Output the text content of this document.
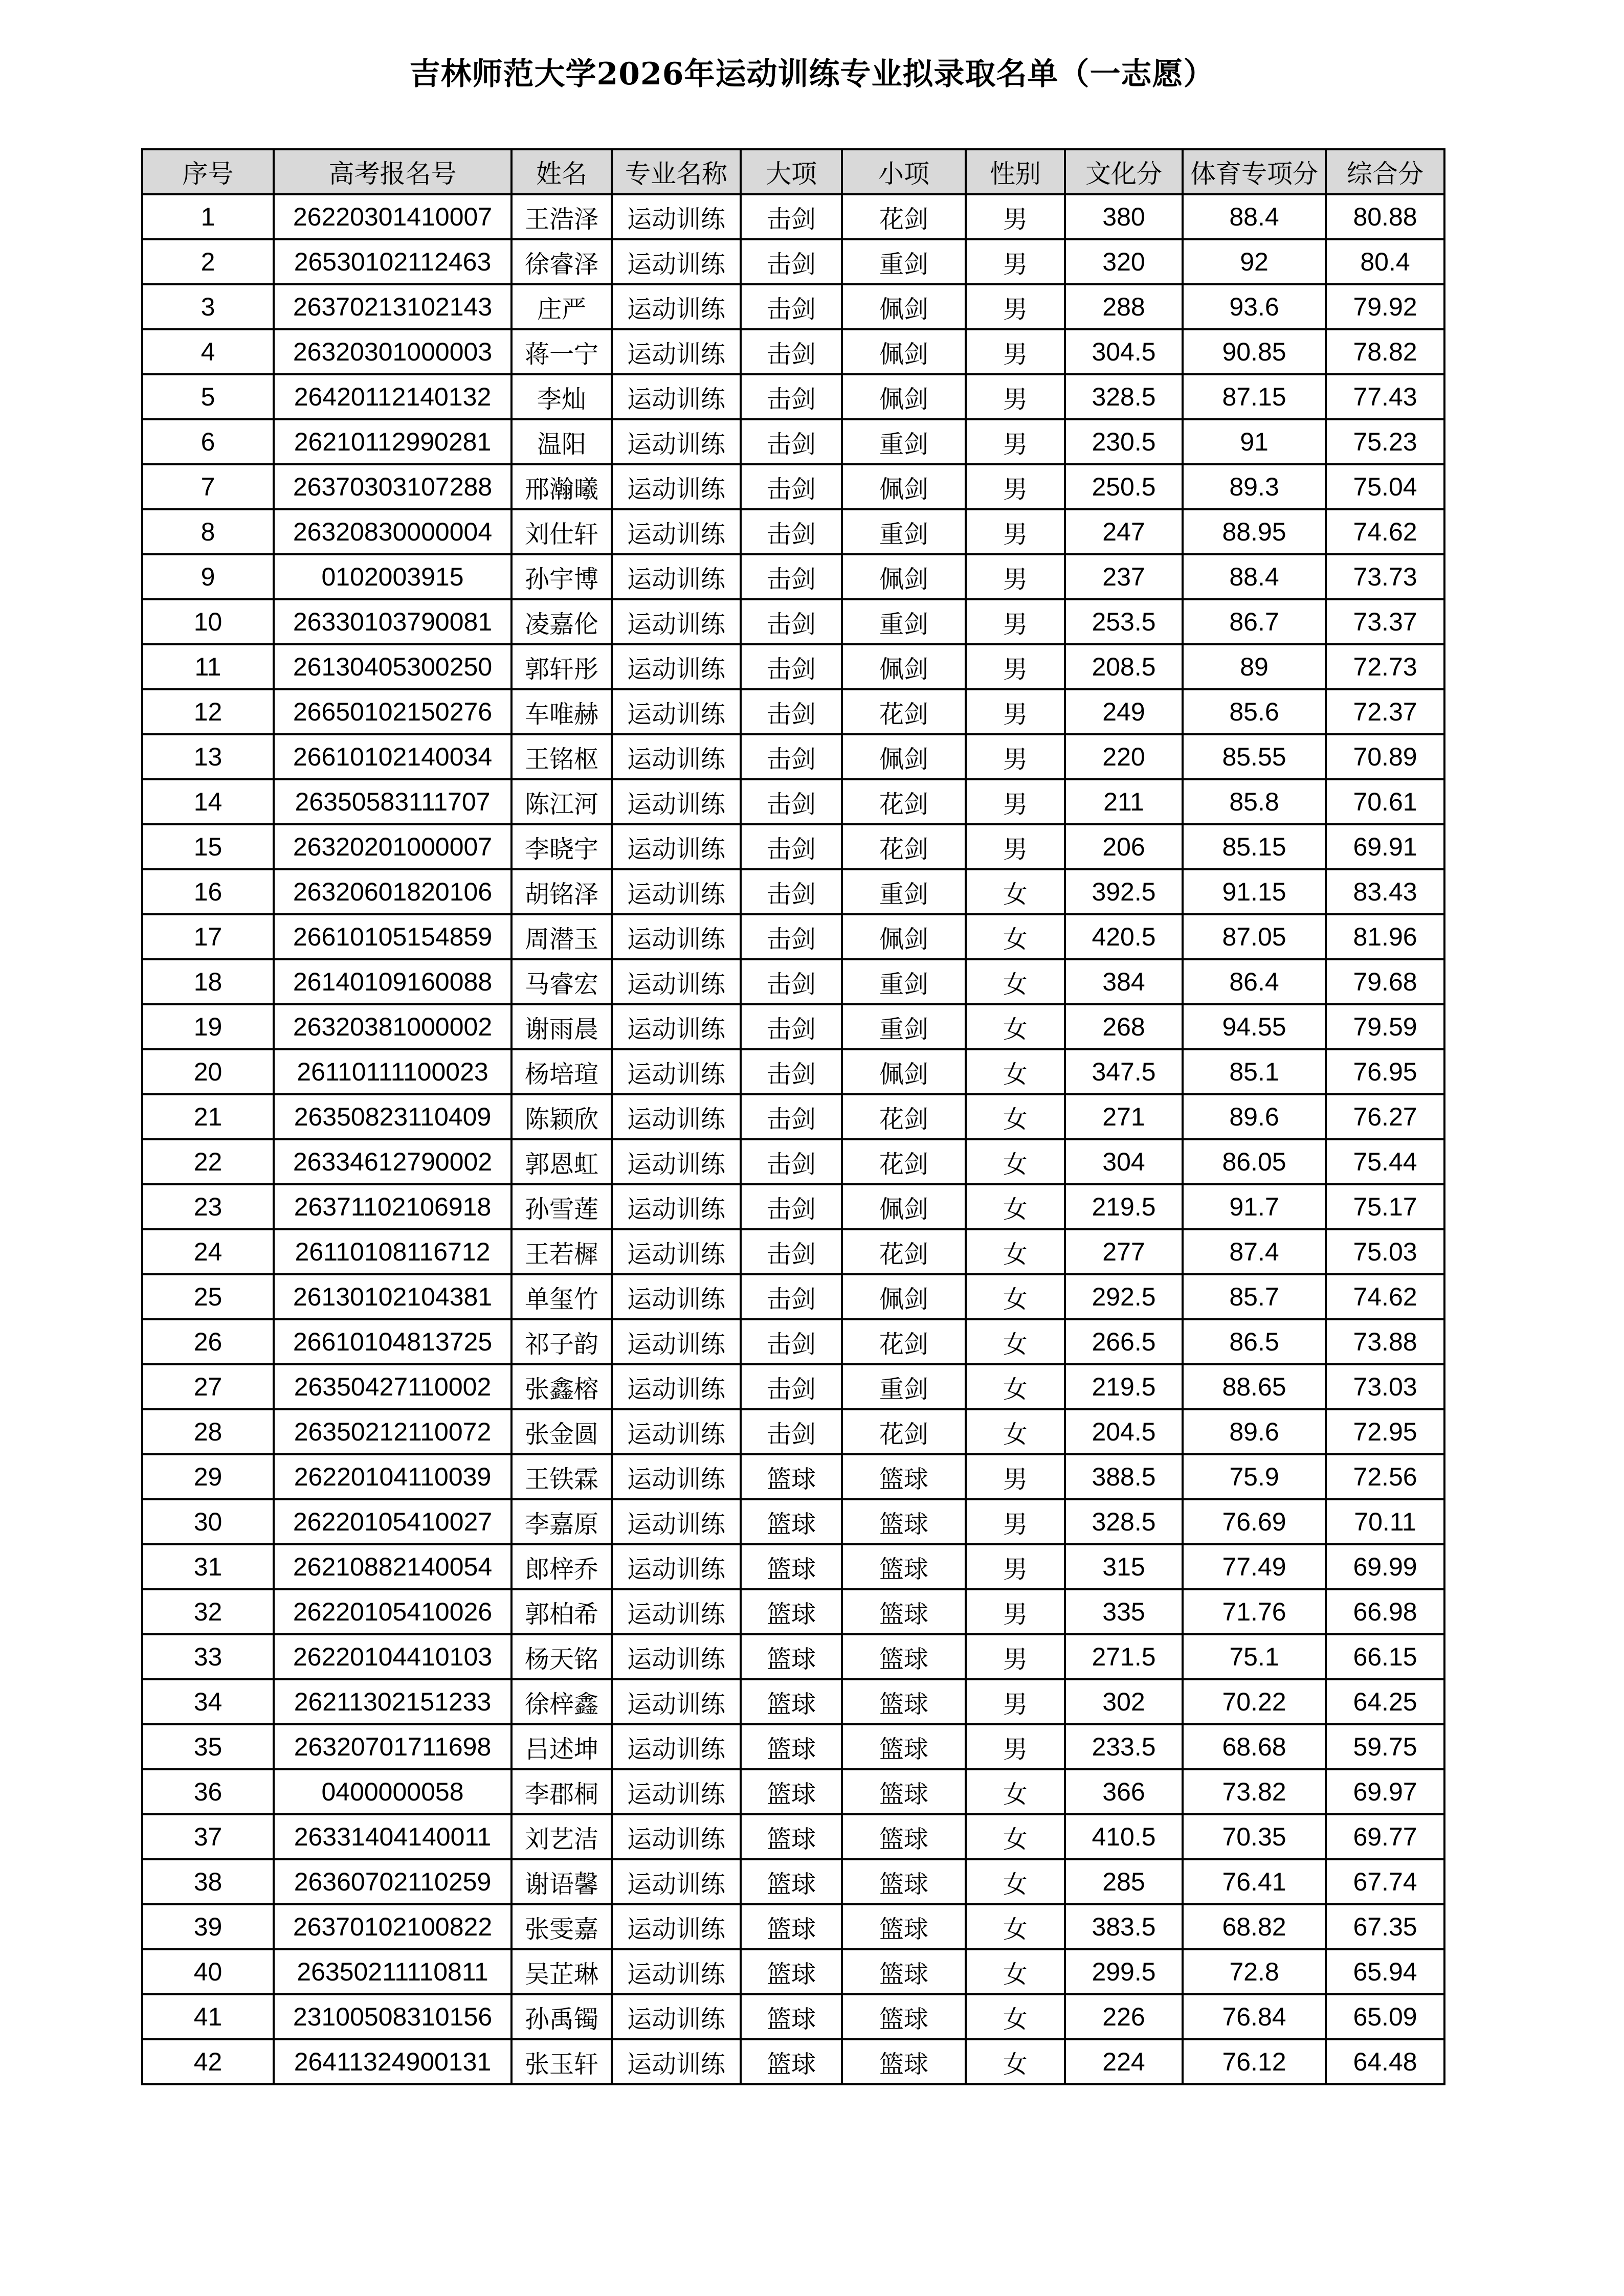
吉林师范大学2026年运动训练专业拟录取名单（一志愿）
序号	高考报名号	姓名	专业名称	大项	小项	性别	文化分	体育专项分	综合分
1	26220301410007	王浩泽	运动训练	击剑	花剑	男	380	88.4	80.88
2	26530102112463	徐睿泽	运动训练	击剑	重剑	男	320	92	80.4
3	26370213102143	庄严	运动训练	击剑	佩剑	男	288	93.6	79.92
4	26320301000003	蒋一宁	运动训练	击剑	佩剑	男	304.5	90.85	78.82
5	26420112140132	李灿	运动训练	击剑	佩剑	男	328.5	87.15	77.43
6	26210112990281	温阳	运动训练	击剑	重剑	男	230.5	91	75.23
7	26370303107288	邢瀚曦	运动训练	击剑	佩剑	男	250.5	89.3	75.04
8	26320830000004	刘仕轩	运动训练	击剑	重剑	男	247	88.95	74.62
9	0102003915	孙宇博	运动训练	击剑	佩剑	男	237	88.4	73.73
10	26330103790081	凌嘉伦	运动训练	击剑	重剑	男	253.5	86.7	73.37
11	26130405300250	郭轩彤	运动训练	击剑	佩剑	男	208.5	89	72.73
12	26650102150276	车唯赫	运动训练	击剑	花剑	男	249	85.6	72.37
13	26610102140034	王铭枢	运动训练	击剑	佩剑	男	220	85.55	70.89
14	26350583111707	陈江河	运动训练	击剑	花剑	男	211	85.8	70.61
15	26320201000007	李晓宇	运动训练	击剑	花剑	男	206	85.15	69.91
16	26320601820106	胡铭泽	运动训练	击剑	重剑	女	392.5	91.15	83.43
17	26610105154859	周潜玉	运动训练	击剑	佩剑	女	420.5	87.05	81.96
18	26140109160088	马睿宏	运动训练	击剑	重剑	女	384	86.4	79.68
19	26320381000002	谢雨晨	运动训练	击剑	重剑	女	268	94.55	79.59
20	26110111100023	杨培瑄	运动训练	击剑	佩剑	女	347.5	85.1	76.95
21	26350823110409	陈颖欣	运动训练	击剑	花剑	女	271	89.6	76.27
22	26334612790002	郭恩虹	运动训练	击剑	花剑	女	304	86.05	75.44
23	26371102106918	孙雪莲	运动训练	击剑	佩剑	女	219.5	91.7	75.17
24	26110108116712	王若樨	运动训练	击剑	花剑	女	277	87.4	75.03
25	26130102104381	单玺竹	运动训练	击剑	佩剑	女	292.5	85.7	74.62
26	26610104813725	祁子韵	运动训练	击剑	花剑	女	266.5	86.5	73.88
27	26350427110002	张鑫榕	运动训练	击剑	重剑	女	219.5	88.65	73.03
28	26350212110072	张金圆	运动训练	击剑	花剑	女	204.5	89.6	72.95
29	26220104110039	王铁霖	运动训练	篮球	篮球	男	388.5	75.9	72.56
30	26220105410027	李嘉原	运动训练	篮球	篮球	男	328.5	76.69	70.11
31	26210882140054	郎梓乔	运动训练	篮球	篮球	男	315	77.49	69.99
32	26220105410026	郭柏希	运动训练	篮球	篮球	男	335	71.76	66.98
33	26220104410103	杨天铭	运动训练	篮球	篮球	男	271.5	75.1	66.15
34	26211302151233	徐梓鑫	运动训练	篮球	篮球	男	302	70.22	64.25
35	26320701711698	吕述坤	运动训练	篮球	篮球	男	233.5	68.68	59.75
36	0400000058	李郡桐	运动训练	篮球	篮球	女	366	73.82	69.97
37	26331404140011	刘艺洁	运动训练	篮球	篮球	女	410.5	70.35	69.77
38	26360702110259	谢语馨	运动训练	篮球	篮球	女	285	76.41	67.74
39	26370102100822	张雯嘉	运动训练	篮球	篮球	女	383.5	68.82	67.35
40	26350211110811	吴芷琳	运动训练	篮球	篮球	女	299.5	72.8	65.94
41	23100508310156	孙禹镯	运动训练	篮球	篮球	女	226	76.84	65.09
42	26411324900131	张玉轩	运动训练	篮球	篮球	女	224	76.12	64.48
